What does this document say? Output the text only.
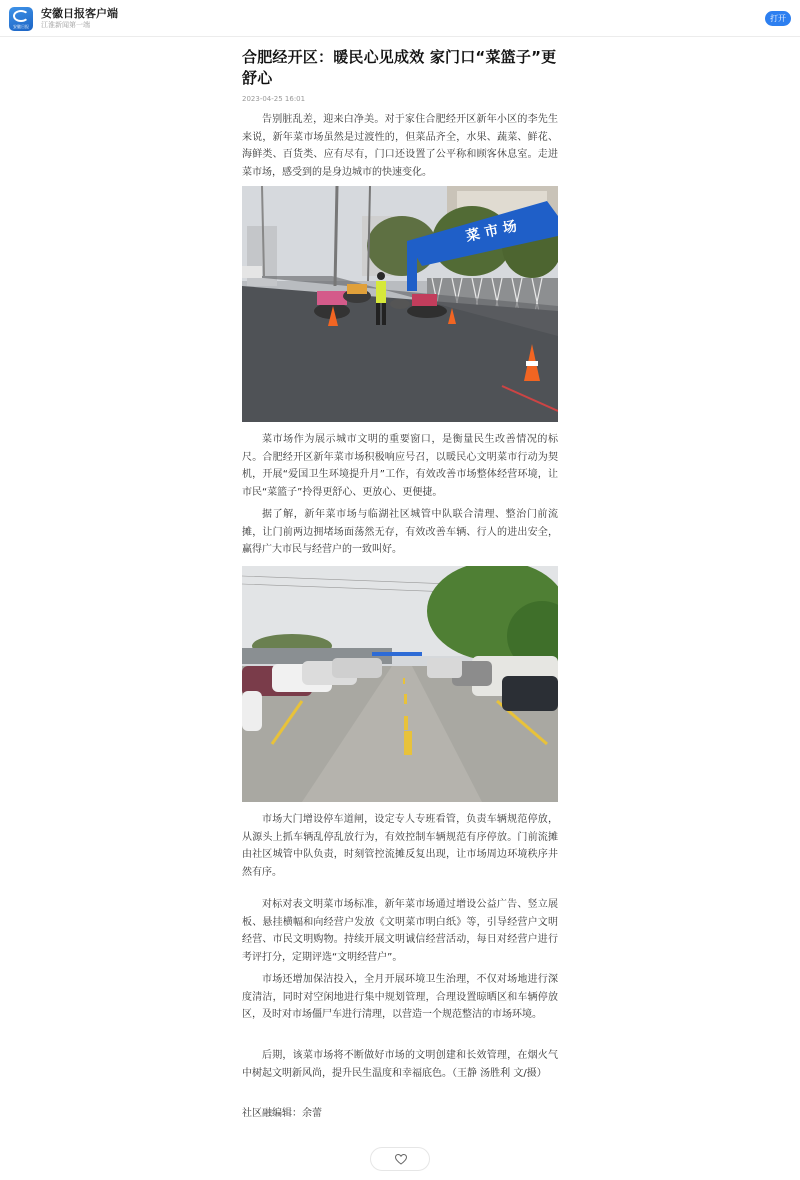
安徽日报
安徽日报客户端
江淮新闻第一端
打开
合肥经开区：暖民心见成效 家门口“菜篮子”更舒心
2023-04-25 16:01

告别脏乱差，迎来白净美。对于家住合肥经开区新年小区的李先生来说，新年菜市场虽然是过渡性的，但菜品齐全，水果、蔬菜、鲜花、海鲜类、百货类、应有尽有，门口还设置了公平称和顾客休息室。走进菜市场，感受到的是身边城市的快速变化。

菜 市 场

菜市场作为展示城市文明的重要窗口，是衡量民生改善情况的标尺。合肥经开区新年菜市场积极响应号召，以暖民心文明菜市行动为契机，开展“爱国卫生环境提升月”工作，有效改善市场整体经营环境，让市民“菜篮子”拎得更舒心、更放心、更便捷。

据了解，新年菜市场与临湖社区城管中队联合清理、整治门前流摊，让门前两边拥堵场面荡然无存，有效改善车辆、行人的进出安全，赢得广大市民与经营户的一致叫好。

市场大门增设停车道闸，设定专人专班看管，负责车辆规范停放，从源头上抓车辆乱停乱放行为，有效控制车辆规范有序停放。门前流摊由社区城管中队负责，时刻管控流摊反复出现，让市场周边环境秩序井然有序。

对标对表文明菜市场标准，新年菜市场通过增设公益广告、竖立展板、悬挂横幅和向经营户发放《文明菜市明白纸》等，引导经营户文明经营、市民文明购物。持续开展文明诚信经营活动，每日对经营户进行考评打分，定期评选“文明经营户”。

市场还增加保洁投入，全月开展环境卫生治理，不仅对场地进行深度清洁，同时对空闲地进行集中规划管理，合理设置晾晒区和车辆停放区，及时对市场僵尸车进行清理，以营造一个规范整洁的市场环境。

后期，该菜市场将不断做好市场的文明创建和长效管理，在烟火气中树起文明新风尚，提升民生温度和幸福底色。（王静 汤胜利 文/摄）

社区融编辑：余蕾
